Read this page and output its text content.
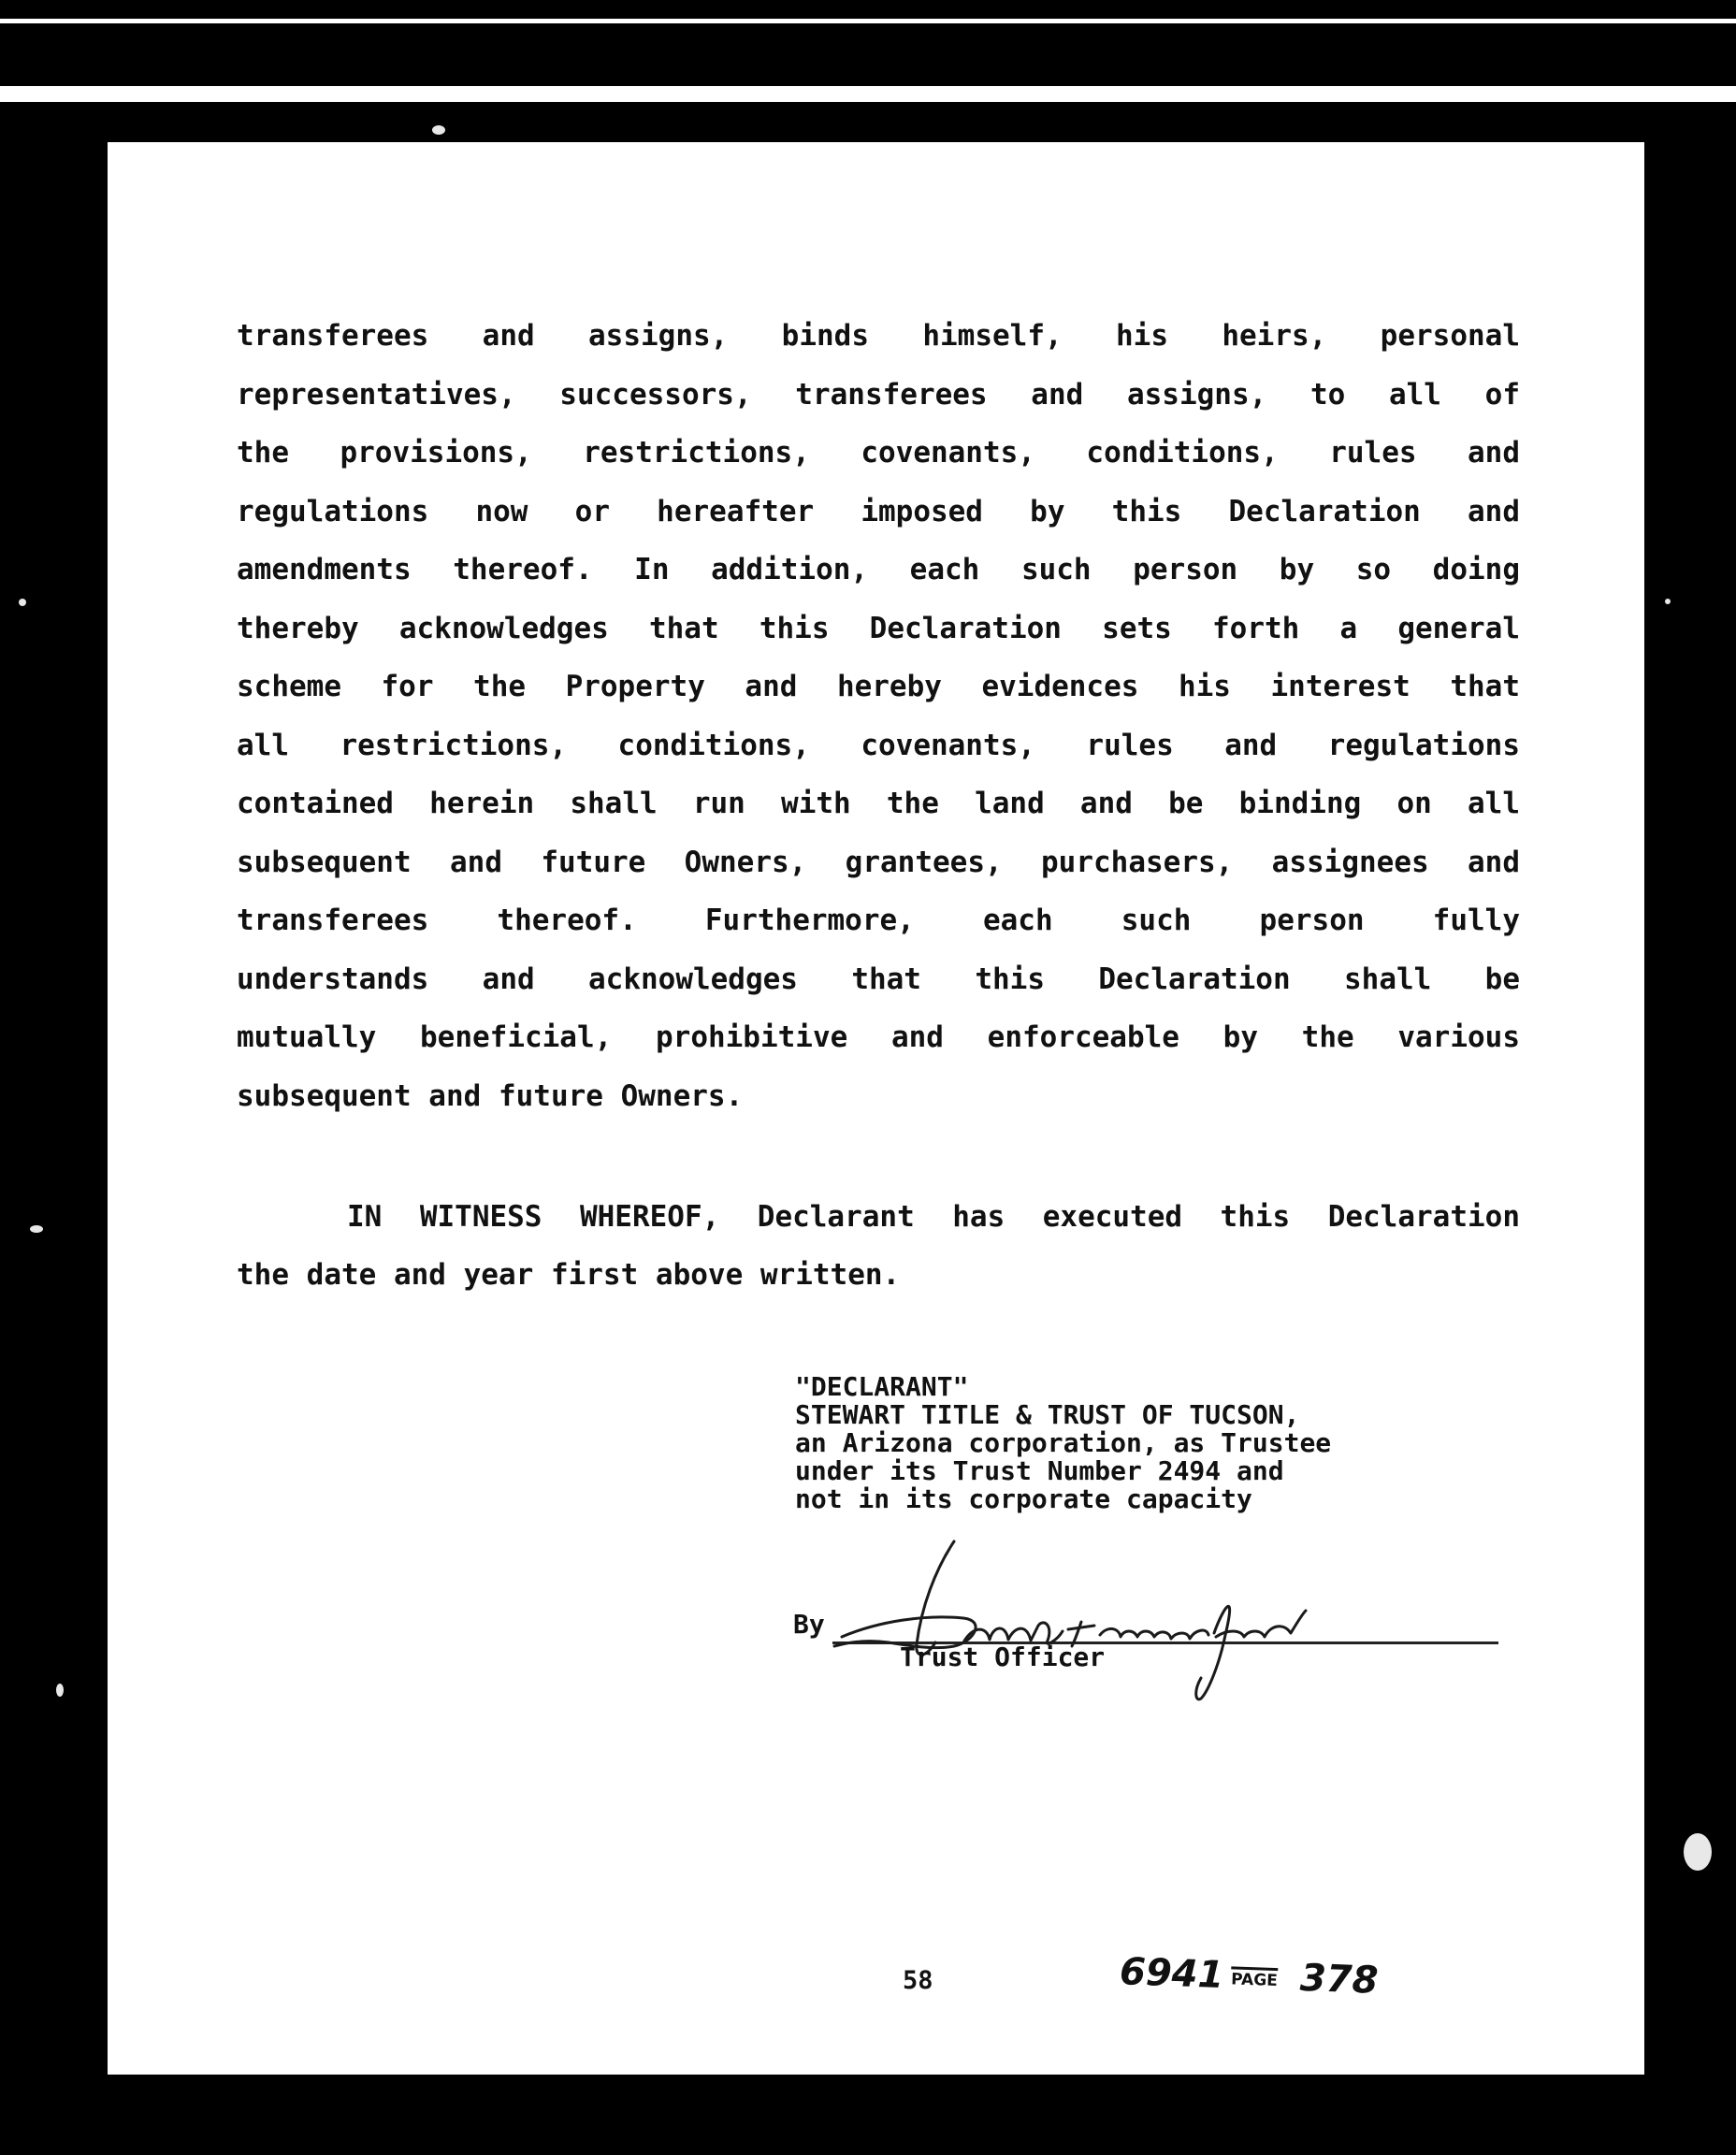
transferees and assigns, binds himself, his heirs, personal
representatives, successors, transferees and assigns, to all of
the provisions, restrictions, covenants, conditions, rules and
regulations now or hereafter imposed by this Declaration and
amendments thereof. In addition, each such person by so doing
thereby acknowledges that this Declaration sets forth a general
scheme for the Property and hereby evidences his interest that
all restrictions, conditions, covenants, rules and regulations
contained herein shall run with the land and be binding on all
subsequent and future Owners, grantees, purchasers, assignees and
transferees thereof. Furthermore, each such person fully
understands and acknowledges that this Declaration shall be
mutually beneficial, prohibitive and enforceable by the various
subsequent and future Owners.
IN WITNESS WHEREOF, Declarant has executed this Declaration
the date and year first above written.
"DECLARANT"
STEWART TITLE & TRUST OF TUCSON,
an Arizona corporation, as Trustee
under its Trust Number 2494 and
not in its corporate capacity
By
Trust Officer
58	6941 PAGE 378
